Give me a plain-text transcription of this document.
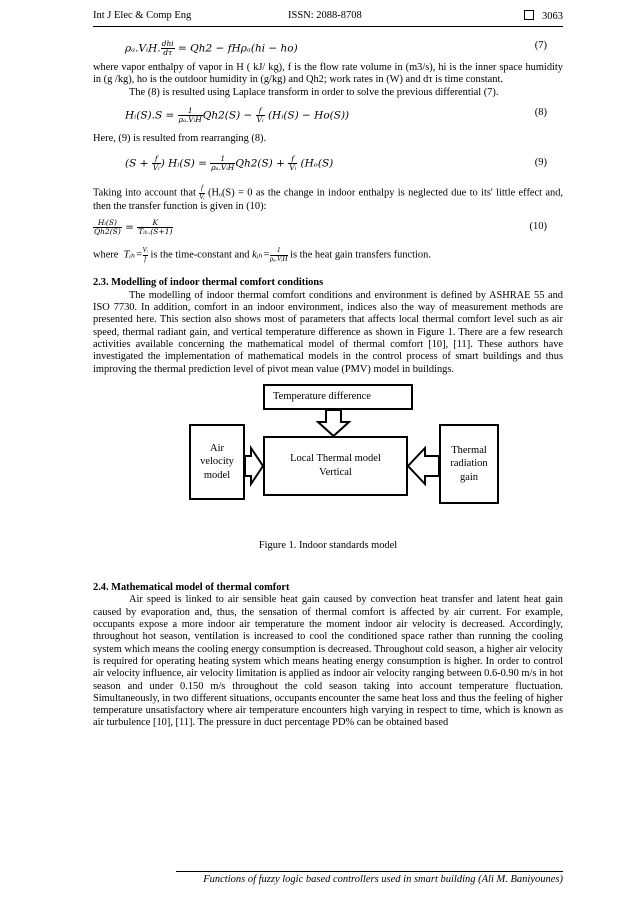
Int J Elec & Comp Eng	ISSN: 2088-8708	3063
ρₐ.VᵢH. $\frac{\text{dhi}}{d\tau} = Qh2 - fH\rho_a(hi - ho)$	(7)

where vapor enthalpy of vapor in H ( kJ/ kg), f is the flow rate volume in (m3/s), hi is the inner space humidity in (g /kg), ho is the outdoor humidity in (g/kg) and Qh2; work rates in (W) and dτ is time constant.

The (8) is resulted using Laplace transform in order to solve the previous differential (7).

Hᵢ(S).S = $\frac{1}{\text{ρₐ.VᵢH}} Qh2(S) - \frac{f}{\text{Vᵢ}}$ (Hᵢ(S) − Ho(S))	(8)

Here, (9) is resulted from rearranging (8).

($S + \frac{f}{\text{Vᵢ}}$ ) Hᵢ(S) = $\frac{1}{\text{ρₐ.VᵢH}} Qh2(S) + \frac{f}{\text{Vᵢ}} (H_o(S)$	(9)

Taking into account that $\frac{f}{\text{Vᵢ}} (H_o(S) = 0$ as the change in indoor enthalpy is neglected due to its' little effect and, then the transfer function is given in (10):

$\frac{\text{Hᵢ(S)}}{Qh2(S)} = \frac{K}{\text{Tᵢₕ.(S+1)}}$	(10)

where Tᵢₕ= $\frac{\text{Vᵢ}}{f}$ is the time-constant and kᵢₕ= $\frac{1}{\text{ρₐ.VᵢH}}$ is the heat gain transfers function.

2.3. Modelling of indoor thermal comfort conditions

The modelling of indoor thermal comfort conditions and environment is defined by ASHRAE 55 and ISO 7730. In addition, comfort in an indoor environment, indices also the way of measurement methods are presented here. This section also shows most of parameters that affects local thermal comfort level such as air speed, thermal radiant gain, and vertical temperature difference as shown in Figure 1. There are a few research activities available concerning the mathematical model of thermal comfort [10], [11]. These authors have investigated the implementation of mathematical models in the control process of smart buildings and thus improving the thermal prediction level of pivot mean value (PMV) model in buildings.

Temperature difference
Air velocity model
Local Thermal model Vertical
Thermal radiation gain

Figure 1. Indoor standards model

2.4. Mathematical model of thermal comfort

Air speed is linked to air sensible heat gain caused by convection heat transfer and latent heat gain caused by evaporation and, thus, the sensation of thermal comfort is affected by air current. For example, occupants expose a more indoor air temperature the moment indoor air velocity is decreased. Accordingly, throughout hot season, ventilation is increased to cool the conditioned space rather than running the cooling system which means the cooling energy consumption is decreased. Throughout cold season, a higher air velocity is required for operating heating system which means heating energy consumption is higher. In order to control air velocity influence, air velocity limitation is applied as indoor air velocity ranging between 0.6-0.90 m/s in hot season and under 0.150 m/s throughout the cold season taking into account temperature fluctuation. Simultaneously, in two different situations, occupants encounter the same heat loss and thus the feeling of higher temperature unsatisfactory where air temperature encounters high varying in respect to time, which is known as air turbulence [10], [11]. The pressure in duct percentage PD% can be obtained based

Functions of fuzzy logic based controllers used in smart building (Ali M. Baniyounes)
